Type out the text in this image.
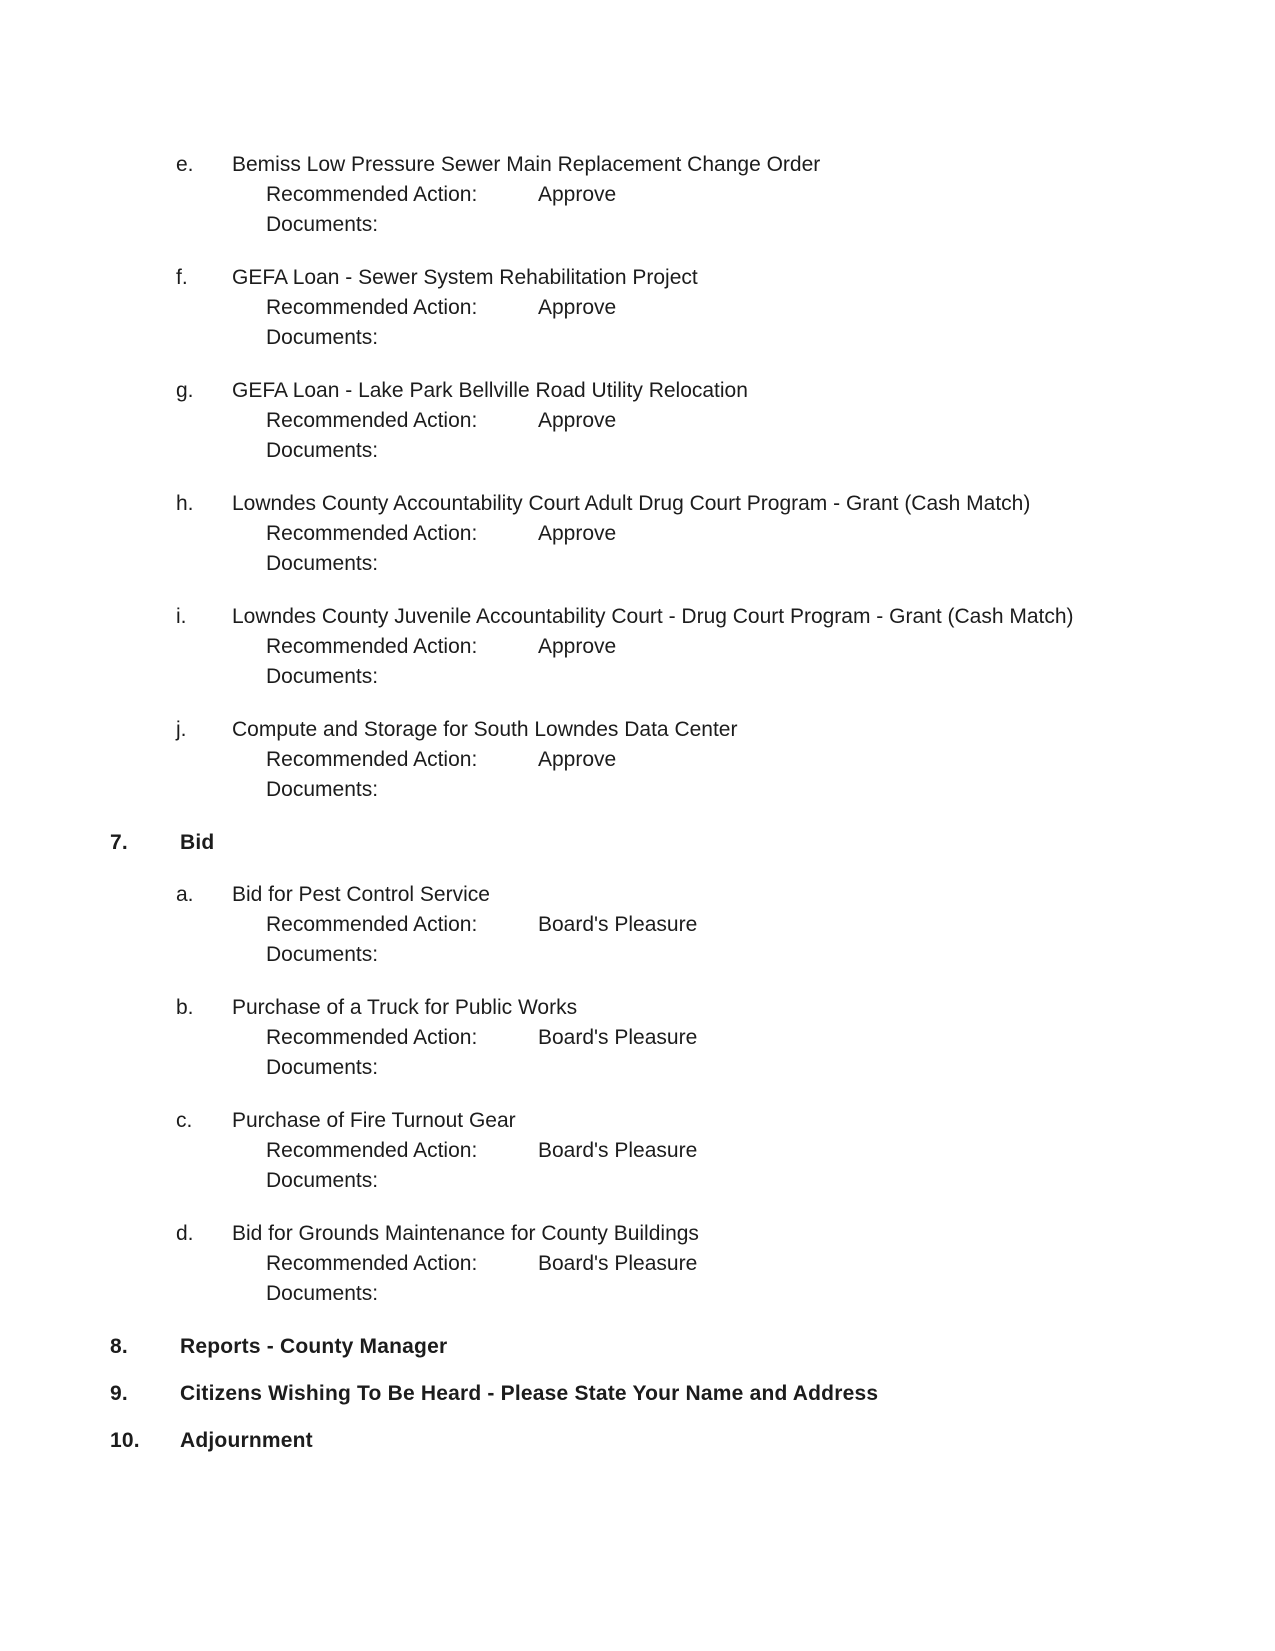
e.	Bemiss Low Pressure Sewer Main Replacement Change Order
Recommended Action:	Approve
Documents:
f.	GEFA Loan - Sewer System Rehabilitation Project
Recommended Action:	Approve
Documents:
g.	GEFA Loan - Lake Park Bellville Road Utility Relocation
Recommended Action:	Approve
Documents:
h.	Lowndes County Accountability Court Adult Drug Court Program - Grant (Cash Match)
Recommended Action:	Approve
Documents:
i.	Lowndes County Juvenile Accountability Court - Drug Court Program - Grant (Cash Match)
Recommended Action:	Approve
Documents:
j.	Compute and Storage for South Lowndes Data Center
Recommended Action:	Approve
Documents:
7.	Bid
a.	Bid for Pest Control Service
Recommended Action:	Board's Pleasure
Documents:
b.	Purchase of a Truck for Public Works
Recommended Action:	Board's Pleasure
Documents:
c.	Purchase of Fire Turnout Gear
Recommended Action:	Board's Pleasure
Documents:
d.	Bid for Grounds Maintenance for County Buildings
Recommended Action:	Board's Pleasure
Documents:
8.	Reports - County Manager
9.	Citizens Wishing To Be Heard - Please State Your Name and Address
10.	Adjournment
